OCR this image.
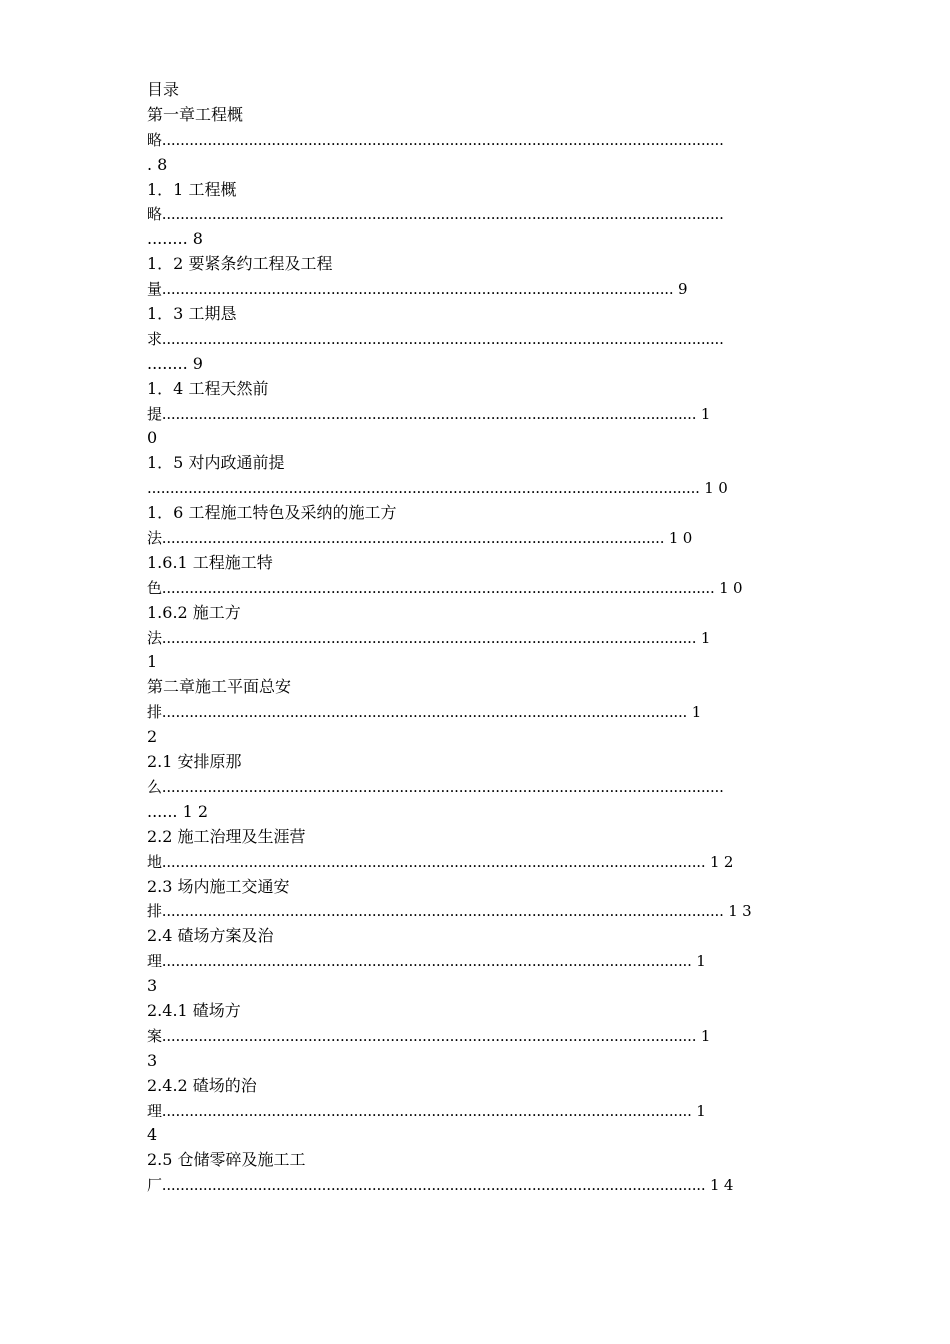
目录
第一章工程概
略...........................................................................................................................
. 8
1．1 工程概
略...........................................................................................................................
........ 8
1．2 要紧条约工程及工程
量................................................................................................................ 9
1．3 工期恳
求...........................................................................................................................
........ 9
1．4 工程天然前
提..................................................................................................................... 1
0
1．5 对内政通前提
......................................................................................................................... 1 0
1．6 工程施工特色及采纳的施工方
法.............................................................................................................. 1 0
1.6.1 工程施工特
色......................................................................................................................... 1 0
1.6.2 施工方
法..................................................................................................................... 1
1
第二章施工平面总安
排................................................................................................................... 1
2
2.1 安排原那
么...........................................................................................................................
...... 1 2
2.2 施工治理及生涯营
地....................................................................................................................... 1 2
2.3 场内施工交通安
排........................................................................................................................... 1 3
2.4 碴场方案及治
理.................................................................................................................... 1
3
2.4.1 碴场方
案..................................................................................................................... 1
3
2.4.2 碴场的治
理.................................................................................................................... 1
4
2.5 仓储零碎及施工工
厂....................................................................................................................... 1 4
